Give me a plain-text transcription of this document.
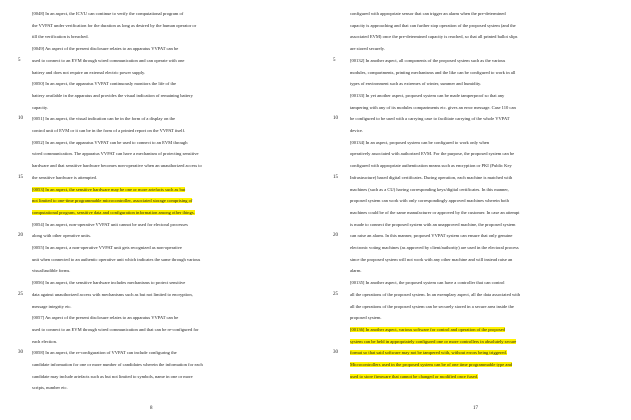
[0048] In an aspect, the ICVU can continue to verify the computational program of
the VVPAT under verification for the duration as long as desired by the human operator or
till the verification is breached.
[0049] An aspect of the present disclosure relates to an apparatus VVPAT can be
used to connect to an EVM through wired communication and can operate with one
battery and does not require an external electric power supply.
[0050] In an aspect, the apparatus VVPAT continuously monitors the life of the
battery available in the apparatus and provides the visual indication of remaining battery
capacity.
[0051] In an aspect, the visual indication can be in the form of a display on the
control unit of EVM or it can be in the form of a printed report on the VVPAT itself.
[0052] In an aspect, the apparatus VVPAT can be used to connect to an EVM through
wired communication. The apparatus VVPAT can have a mechanism of protecting sensitive
hardware and that sensitive hardware becomes non-operative when an unauthorized access to
the sensitive hardware is attempted.
[0053] In an aspect, the sensitive hardware may be one or more artefacts such as but
not limited to one-time programmable microcontroller, associated storage comprising of
computational program, sensitive data and configuration information among other things.
[0054] In an aspect, non-operative VVPAT unit cannot be used for electoral processes
along with other operative units.
[0055] In an aspect, a non-operative VVPAT unit gets recognized as non-operative
unit when connected to an authentic operative unit which indicates the same through various
visual/audible forms.
[0056] In an aspect, the sensitive hardware includes mechanisms to protect sensitive
data against unauthorized access with mechanisms such as but not limited to encryption,
message integrity etc.
[0057] An aspect of the present disclosure relates to an apparatus VVPAT can be
used to connect to an EVM through wired communication and that can be re-configured for
each election.
[0058] In an aspect, the re-configuration of VVPAT can include configuring the
candidate information for one or more number of candidates wherein the information for each
candidate may include artefacts such as but not limited to symbols, name in one or more
scripts, number etc.
configured with appropriate sensor that can trigger an alarm when the pre-determined
capacity is approaching and that can further stop operation of the proposed system (and the
associated EVM) once the pre-determined capacity is reached, so that all printed ballot slips
are stored securely.
[00132] In another aspect, all components of the proposed system such as the various
modules, compartments, printing mechanisms and the like can be configured to work in all
types of environment such as extremes of winter, summer and humidity.
[00133] In yet another aspect, proposed system can be made tamperproof so that any
tampering with any of its modules compartments etc. gives an error message. Case 110 can
be configured to be used with a carrying case to facilitate carrying of the whole VVPAT
device.
[00134] In an aspect, proposed system can be configured to work only when
operatively associated with authorized EVM. For the purpose, the proposed system can be
configured with appropriate authentication means such as encryption or PKI (Public Key
Infrastructure) based digital certificates. During operation, each machine is matched with
machines (such as a CU) having corresponding keys/digital certificates. In this manner,
proposed system can work with only correspondingly approved machines wherein both
machines could be of the same manufacturer or approved by the customer. In case an attempt
is made to connect the proposed system with an unapproved machine, the proposed system
can raise an alarm. In this manner, proposed VVPAT system can ensure that only genuine
electronic voting machines (as approved by client/authority) are used in the electoral process
since the proposed system will not work with any other machine and will instead raise an
alarm.
[00135] In another aspect, the proposed system can have a controller that can control
all the operations of the proposed system. In an exemplary aspect, all the data associated with
all the operations of the proposed system can be securely stored in a secure area inside the
proposed system.
[00136] In another aspect, various software for control and operation of the proposed
system can be held in appropriately configured one or more controllers in absolutely secure
format so that said software may not be tampered with, without errors being triggered.
Microcontrollers used in the proposed system can be of one time programmable type and
used to store firmware that cannot be changed or modified once fused.
5
10
15
20
25
30
5
10
15
20
25
30
8	17
